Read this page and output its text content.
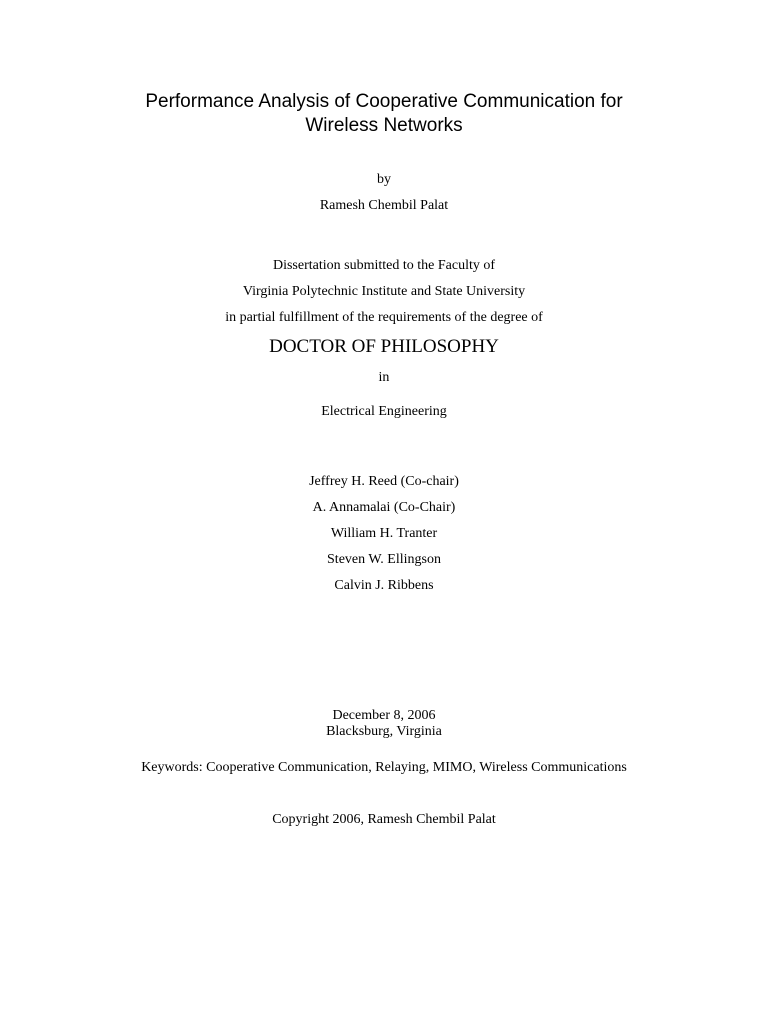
Performance Analysis of Cooperative Communication for
Wireless Networks
by
Ramesh Chembil Palat
Dissertation submitted to the Faculty of
Virginia Polytechnic Institute and State University
in partial fulfillment of the requirements of the degree of
DOCTOR OF PHILOSOPHY
in
Electrical Engineering
Jeffrey H. Reed (Co-chair)
A. Annamalai (Co-Chair)
William H. Tranter
Steven W. Ellingson
Calvin J. Ribbens
December 8, 2006
Blacksburg, Virginia
Keywords: Cooperative Communication, Relaying, MIMO, Wireless Communications
Copyright 2006, Ramesh Chembil Palat
